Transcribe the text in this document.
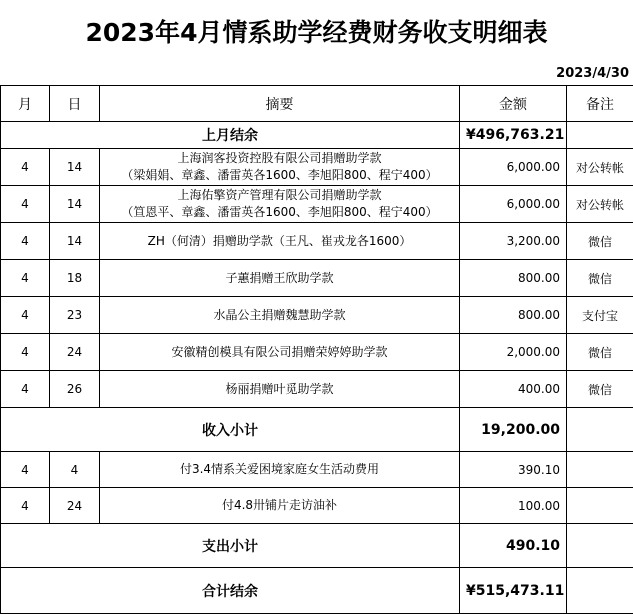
2023年4月情系助学经费财务收支明细表
2023/4/30
月	日	摘要	金额	备注
上月结余			¥ 496,763.21	

4	14	上海润客投资控股有限公司捐赠助学款
（梁娟娟、章鑫、潘雷英各1600、李旭阳800、程宁400）	6,000.00	对公转帐
4	14	上海佑擎资产管理有限公司捐赠助学款
（笪恩平、章鑫、潘雷英各1600、李旭阳800、程宁400）	6,000.00	对公转帐
4	14	ZH（何清）捐赠助学款（王凡、崔戎龙各1600）	3,200.00	微信
4	18	子蕙捐赠王欣助学款	800.00	微信
4	23	水晶公主捐赠魏慧助学款	800.00	支付宝
4	24	安徽精创模具有限公司捐赠荣婷婷助学款	2,000.00	微信
4	26	杨丽捐赠叶觅助学款	400.00	微信
收入小计			19,200.00	
4	4	付3.4情系关爱困境家庭女生活动费用	390.10	
4	24	付4.8卅铺片走访油补	100.00	
支出小计			490.10	
合计结余			¥ 515,473.11	
